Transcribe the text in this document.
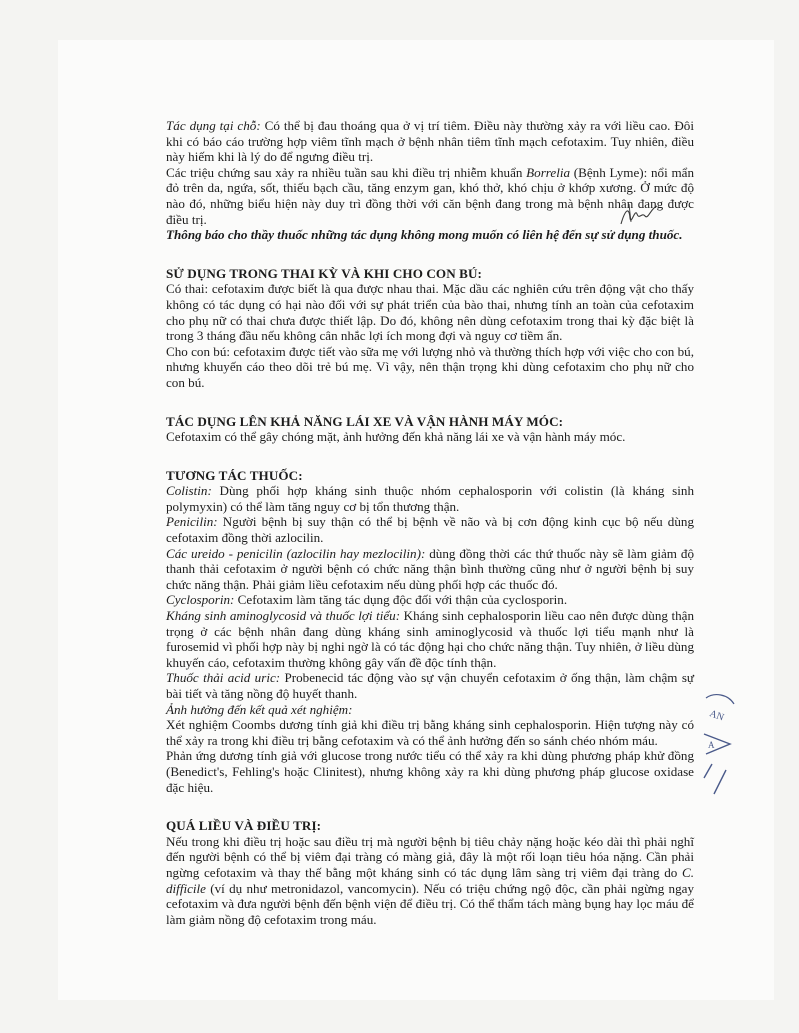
AN
A

Tác dụng tại chỗ: Có thể bị đau thoáng qua ở vị trí tiêm. Điều này thường xảy ra với liều cao. Đôi khi có báo cáo trường hợp viêm tĩnh mạch ở bệnh nhân tiêm tĩnh mạch cefotaxim. Tuy nhiên, điều này hiếm khi là lý do để ngưng điều trị.

Các triệu chứng sau xảy ra nhiều tuần sau khi điều trị nhiễm khuẩn Borrelia (Bệnh Lyme): nổi mẩn đỏ trên da, ngứa, sốt, thiếu bạch cầu, tăng enzym gan, khó thở, khó chịu ở khớp xương. Ở mức độ nào đó, những biểu hiện này duy trì đồng thời với căn bệnh đang trong mà bệnh nhân đang được điều trị.

Thông báo cho thầy thuốc những tác dụng không mong muốn có liên hệ đến sự sử dụng thuốc.

SỬ DỤNG TRONG THAI KỲ VÀ KHI CHO CON BÚ:

Có thai: cefotaxim được biết là qua được nhau thai. Mặc dầu các nghiên cứu trên động vật cho thấy không có tác dụng có hại nào đối với sự phát triển của bào thai, nhưng tính an toàn của cefotaxim cho phụ nữ có thai chưa được thiết lập. Do đó, không nên dùng cefotaxim trong thai kỳ đặc biệt là trong 3 tháng đầu nếu không cân nhắc lợi ích mong đợi và nguy cơ tiềm ẩn.

Cho con bú: cefotaxim được tiết vào sữa mẹ với lượng nhỏ và thường thích hợp với việc cho con bú, nhưng khuyến cáo theo dõi trẻ bú mẹ. Vì vậy, nên thận trọng khi dùng cefotaxim cho phụ nữ cho con bú.

TÁC DỤNG LÊN KHẢ NĂNG LÁI XE VÀ VẬN HÀNH MÁY MÓC:

Cefotaxim có thể gây chóng mặt, ảnh hưởng đến khả năng lái xe và vận hành máy móc.

TƯƠNG TÁC THUỐC:

Colistin: Dùng phối hợp kháng sinh thuộc nhóm cephalosporin với colistin (là kháng sinh polymyxin) có thể làm tăng nguy cơ bị tổn thương thận.

Penicilin: Người bệnh bị suy thận có thể bị bệnh về não và bị cơn động kinh cục bộ nếu dùng cefotaxim đồng thời azlocilin.

Các ureido - penicilin (azlocilin hay mezlocilin): dùng đồng thời các thứ thuốc này sẽ làm giảm độ thanh thải cefotaxim ở người bệnh có chức năng thận bình thường cũng như ở người bệnh bị suy chức năng thận. Phải giảm liều cefotaxim nếu dùng phối hợp các thuốc đó.

Cyclosporin: Cefotaxim làm tăng tác dụng độc đối với thận của cyclosporin.

Kháng sinh aminoglycosid và thuốc lợi tiểu: Kháng sinh cephalosporin liều cao nên được dùng thận trọng ở các bệnh nhân đang dùng kháng sinh aminoglycosid và thuốc lợi tiểu mạnh như là furosemid vì phối hợp này bị nghi ngờ là có tác động hại cho chức năng thận. Tuy nhiên, ở liều dùng khuyến cáo, cefotaxim thường không gây vấn đề độc tính thận.

Thuốc thải acid uric: Probenecid tác động vào sự vận chuyển cefotaxim ở ống thận, làm chậm sự bài tiết và tăng nồng độ huyết thanh.

Ảnh hưởng đến kết quả xét nghiệm:

Xét nghiệm Coombs dương tính giả khi điều trị bằng kháng sinh cephalosporin. Hiện tượng này có thể xảy ra trong khi điều trị bằng cefotaxim và có thể ảnh hưởng đến so sánh chéo nhóm máu.

Phản ứng dương tính giả với glucose trong nước tiểu có thể xảy ra khi dùng phương pháp khử đồng (Benedict's, Fehling's hoặc Clinitest), nhưng không xảy ra khi dùng phương pháp glucose oxidase đặc hiệu.

QUÁ LIỀU VÀ ĐIỀU TRỊ:

Nếu trong khi điều trị hoặc sau điều trị mà người bệnh bị tiêu chảy nặng hoặc kéo dài thì phải nghĩ đến người bệnh có thể bị viêm đại tràng có màng giả, đây là một rối loạn tiêu hóa nặng. Cần phải ngừng cefotaxim và thay thế bằng một kháng sinh có tác dụng lâm sàng trị viêm đại tràng do C. difficile (ví dụ như metronidazol, vancomycin). Nếu có triệu chứng ngộ độc, cần phải ngừng ngay cefotaxim và đưa người bệnh đến bệnh viện để điều trị. Có thể thẩm tách màng bụng hay lọc máu để làm giảm nồng độ cefotaxim trong máu.
